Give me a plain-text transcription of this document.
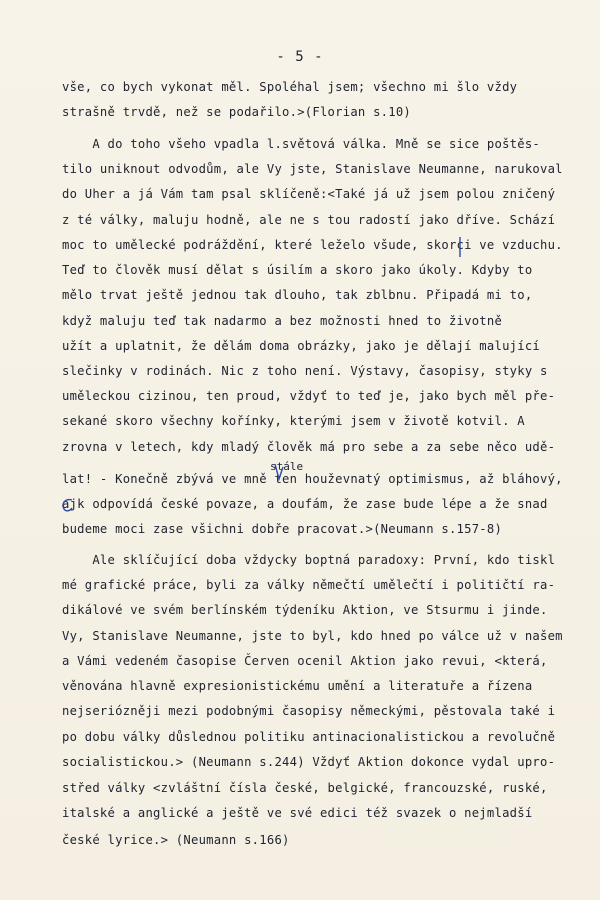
- 5 -
vše, co bych vykonat měl. Spoléhal jsem; všechno mi šlo vždy
strašně trvdě, než se podařilo.>(Florian s.10)
A do toho všeho vpadla l.světová válka. Mně se sice poštěs-
tilo uniknout odvodům, ale Vy jste, Stanislave Neumanne, narukoval
do Uher a já Vám tam psal sklíčeně:<Také já už jsem polou zničený
z té války, maluju hodně, ale ne s tou radostí jako dříve. Schází
moc to umělecké podráždění, které leželo všude, skorci ve vzduchu.
Teď to člověk musí dělat s úsilím a skoro jako úkoly. Kdyby to
mělo trvat ještě jednou tak dlouho, tak zblbnu. Připadá mi to,
když maluju teď tak nadarmo a bez možnosti hned to životně
užít a uplatnit, že dělám doma obrázky, jako je dělají malující
slečinky v rodinách. Nic z toho není. Výstavy, časopisy, styky s
uměleckou cizinou, ten proud, vždyť to teď je, jako bych měl pře-
sekané skoro všechny kořínky, kterými jsem v životě kotvil. A
zrovna v letech, kdy mladý člověk má pro sebe a za sebe něco udě-
stále
lat! - Konečně zbývá ve mně ten houževnatý optimismus, až bláhový,
ajk odpovídá české povaze, a doufám, že zase bude lépe a že snad
budeme moci zase všichni dobře pracovat.>(Neumann s.157-8)
Ale sklíčující doba vždycky boptná paradoxy: První, kdo tiskl
mé grafické práce, byli za války němečtí umělečtí i političtí ra-
dikálové ve svém berlínském týdeníku Aktion, ve Stsurmu i jinde.
Vy, Stanislave Neumanne, jste to byl, kdo hned po válce už v našem
a Vámi vedeném časopise Červen ocenil Aktion jako revui, <která,
věnována hlavně expresionistickému umění a literatuře a řízena
nejseriózněji mezi podobnými časopisy německými, pěstovala také i
po dobu války důslednou politiku antinacionalistickou a revolučně
socialistickou.> (Neumann s.244) Vždyť Aktion dokonce vydal upro-
střed války <zvláštní čísla české, belgické, francouzské, ruské,
italské a anglické a ještě ve své edici též svazek o nejmladší
české lyrice.> (Neumann s.166)
